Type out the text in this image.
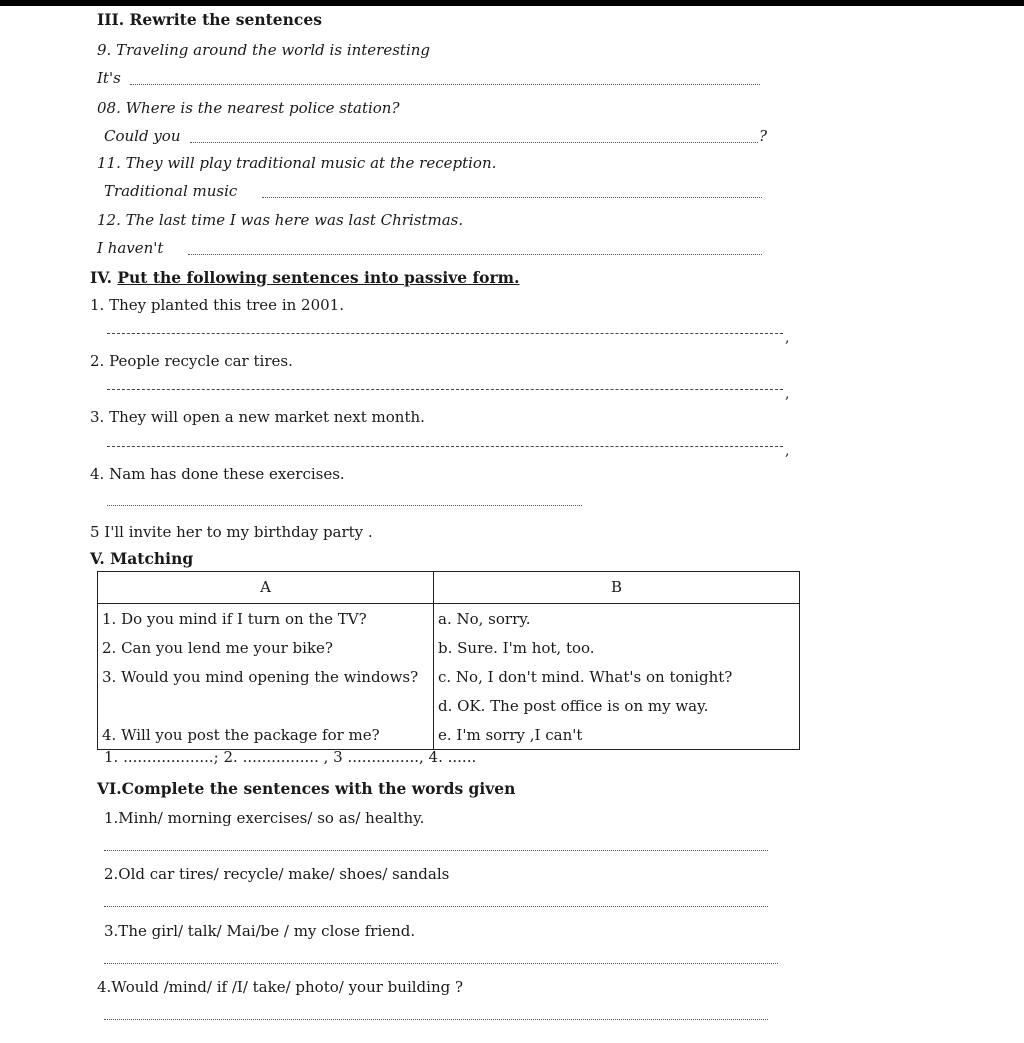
III. Rewrite the sentences
9. Traveling around the world is interesting
It's
08. Where is the nearest police station?
Could you	?
11. They will play traditional music at the reception.
Traditional music
12. The last time I was here was last Christmas.
I haven't
IV. Put the following sentences into passive form.
1. They planted this tree in 2001.
,
2. People recycle car tires.
,
3. They will open a new market next month.
,
4. Nam has done these exercises.
5 I'll invite her to my birthday party .
V. Matching
A	B
1. Do you mind if I turn on the TV?	a. No, sorry.
2. Can you lend me your bike?	b. Sure. I'm hot, too.
3. Would you mind opening the windows?	c. No, I don't mind. What's on tonight?
	d. OK. The post office is on my way.
4. Will you post the package for me?	e. I'm sorry ,I can't
1. ...................; 2. ................ , 3 ..............., 4. ......
VI.Complete the sentences with the words given
1.Minh/ morning exercises/ so as/ healthy.
2.Old car tires/ recycle/ make/ shoes/ sandals
3.The girl/ talk/ Mai/be / my close friend.
4.Would /mind/ if /I/ take/ photo/ your building ?
